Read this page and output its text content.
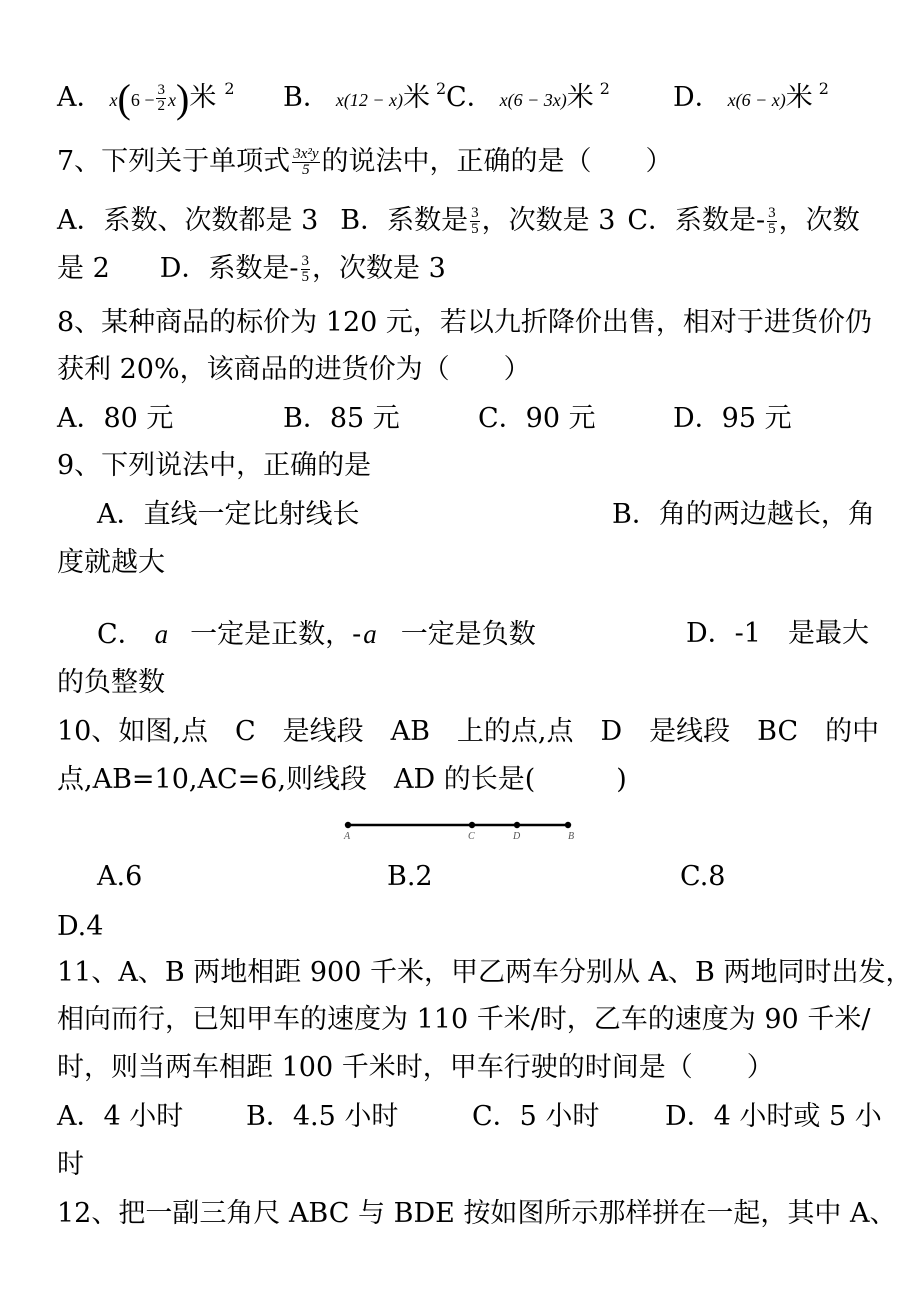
A． $x(6 - \frac{3}{2} x)$米 $^2$ B． x(12 − x)米 $^2$ C． x(6 − 3x)米 $^2$ D． x(6 − x)米 $^2$
7、下列关于单项式 $\frac{\text{3x²y}}{5}$ 的说法中，正确的是（　　）
A．系数、次数都是 3 B．系数是 $\frac{3}{5}$ ，次数是 3 C．系数是- $\frac{3}{5}$ ，次数
是 2 D．系数是- $\frac{3}{5}$ ，次数是 3
8、某种商品的标价为 120 元，若以九折降价出售，相对于进货价仍
获利 20%，该商品的进货价为（　　）
A．80 元	B．85 元	C．90 元	D．95 元
9、下列说法中，正确的是
A．直线一定比射线长	B．角的两边越长，角
度就越大
C． a 一定是正数，-a 一定是负数	D．-1　是最大
的负整数
10、如图,点　C　是线段　AB　上的点,点　D　是线段　BC　的中
点,AB=10,AC=6,则线段　AD 的长是(　　　)
A	C	D	B
A.6	B.2	C.8
D.4
11、A、B 两地相距 900 千米，甲乙两车分别从 A、B 两地同时出发，
相向而行，已知甲车的速度为 110 千米/时，乙车的速度为 90 千米/
时，则当两车相距 100 千米时，甲车行驶的时间是（　　）
A．4 小时 B．4.5 小时	C．5 小时 D．4 小时或 5 小
时
12、把一副三角尺 ABC 与 BDE 按如图所示那样拼在一起，其中 A、
